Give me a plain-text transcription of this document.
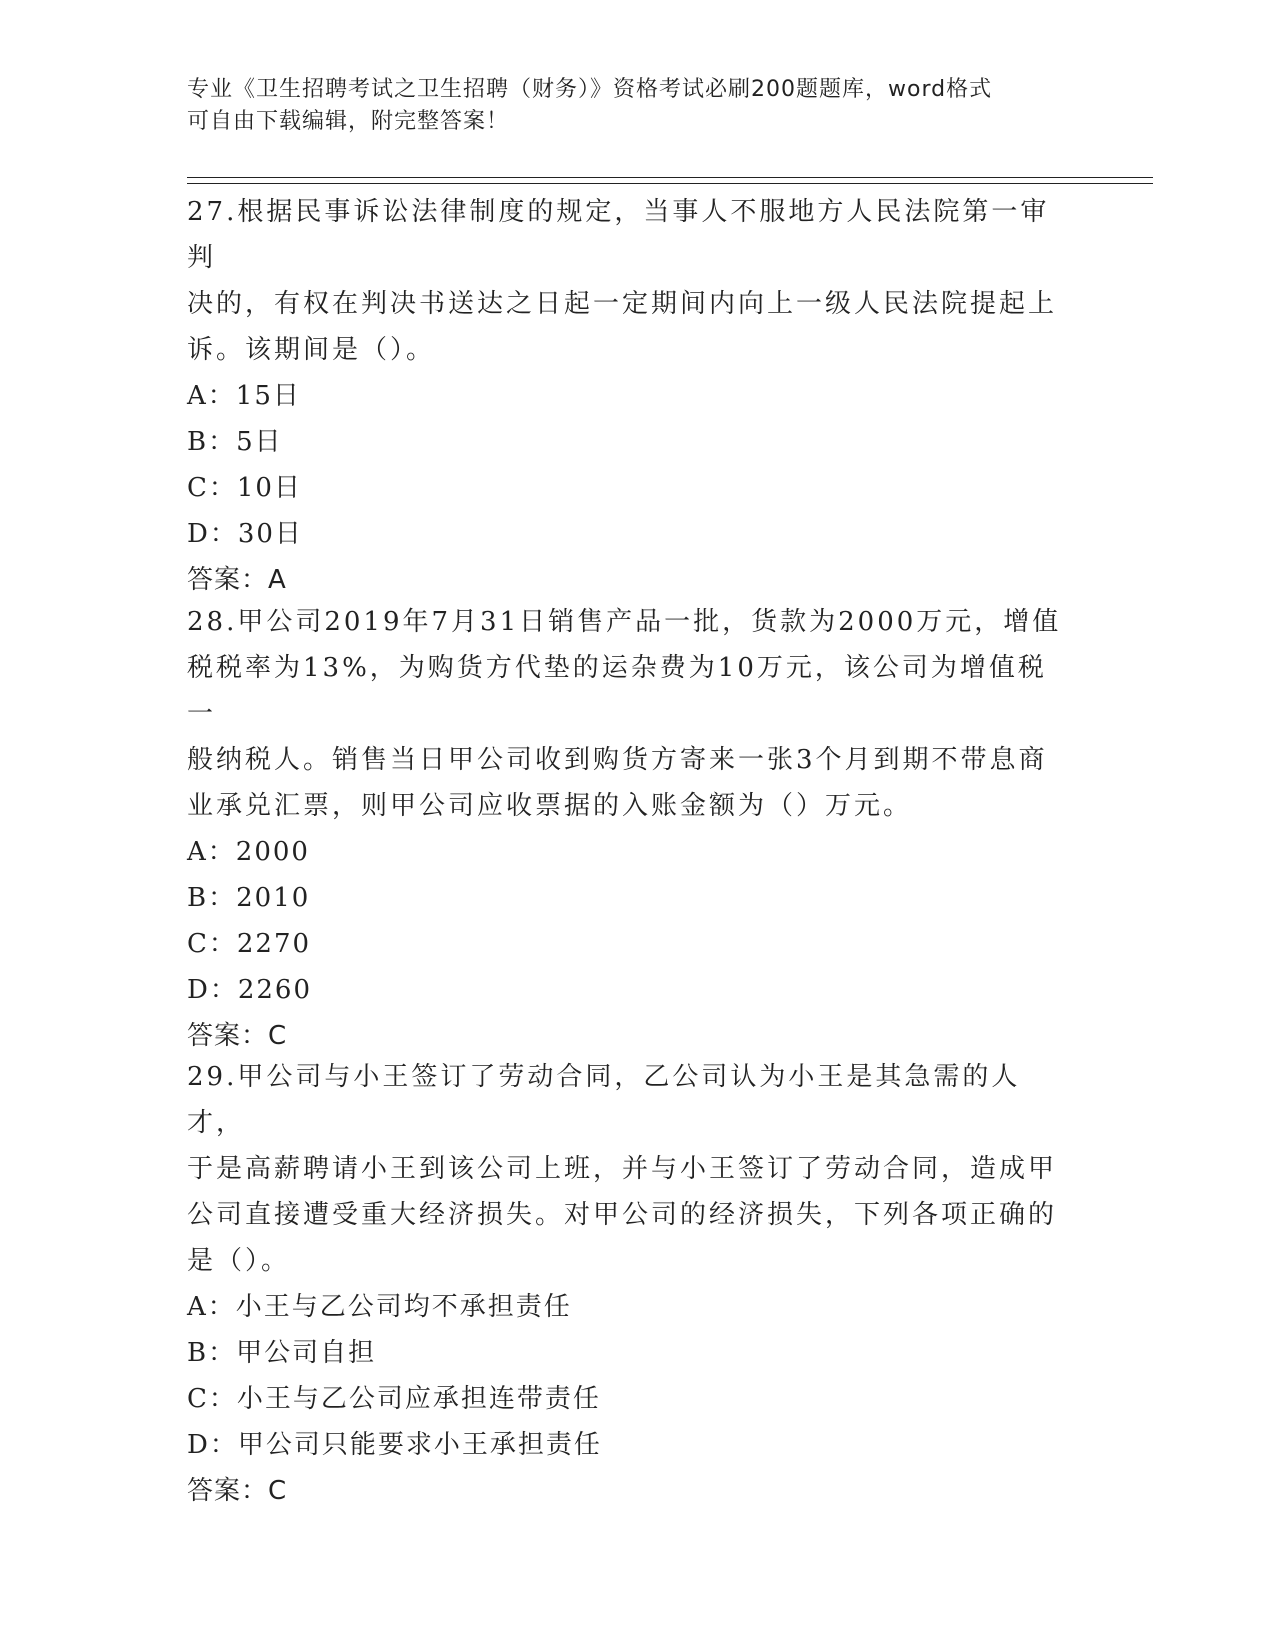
专业《卫生招聘考试之卫生招聘（财务）》资格考试必刷200题题库，word格式
可自由下载编辑，附完整答案！

27.根据民事诉讼法律制度的规定，当事人不服地方人民法院第一审判

决的，有权在判决书送达之日起一定期间内向上一级人民法院提起上

诉。该期间是（）。

A：15日

B：5日

C：10日

D：30日

答案：A

28.甲公司2019年7月31日销售产品一批，货款为2000万元，增值

税税率为13%，为购货方代垫的运杂费为10万元，该公司为增值税一

般纳税人。销售当日甲公司收到购货方寄来一张3个月到期不带息商

业承兑汇票，则甲公司应收票据的入账金额为（）万元。

A：2000

B：2010

C：2270

D：2260

答案：C

29.甲公司与小王签订了劳动合同，乙公司认为小王是其急需的人才，

于是高薪聘请小王到该公司上班，并与小王签订了劳动合同，造成甲

公司直接遭受重大经济损失。对甲公司的经济损失，下列各项正确的

是（）。

A：小王与乙公司均不承担责任

B：甲公司自担

C：小王与乙公司应承担连带责任

D：甲公司只能要求小王承担责任

答案：C
